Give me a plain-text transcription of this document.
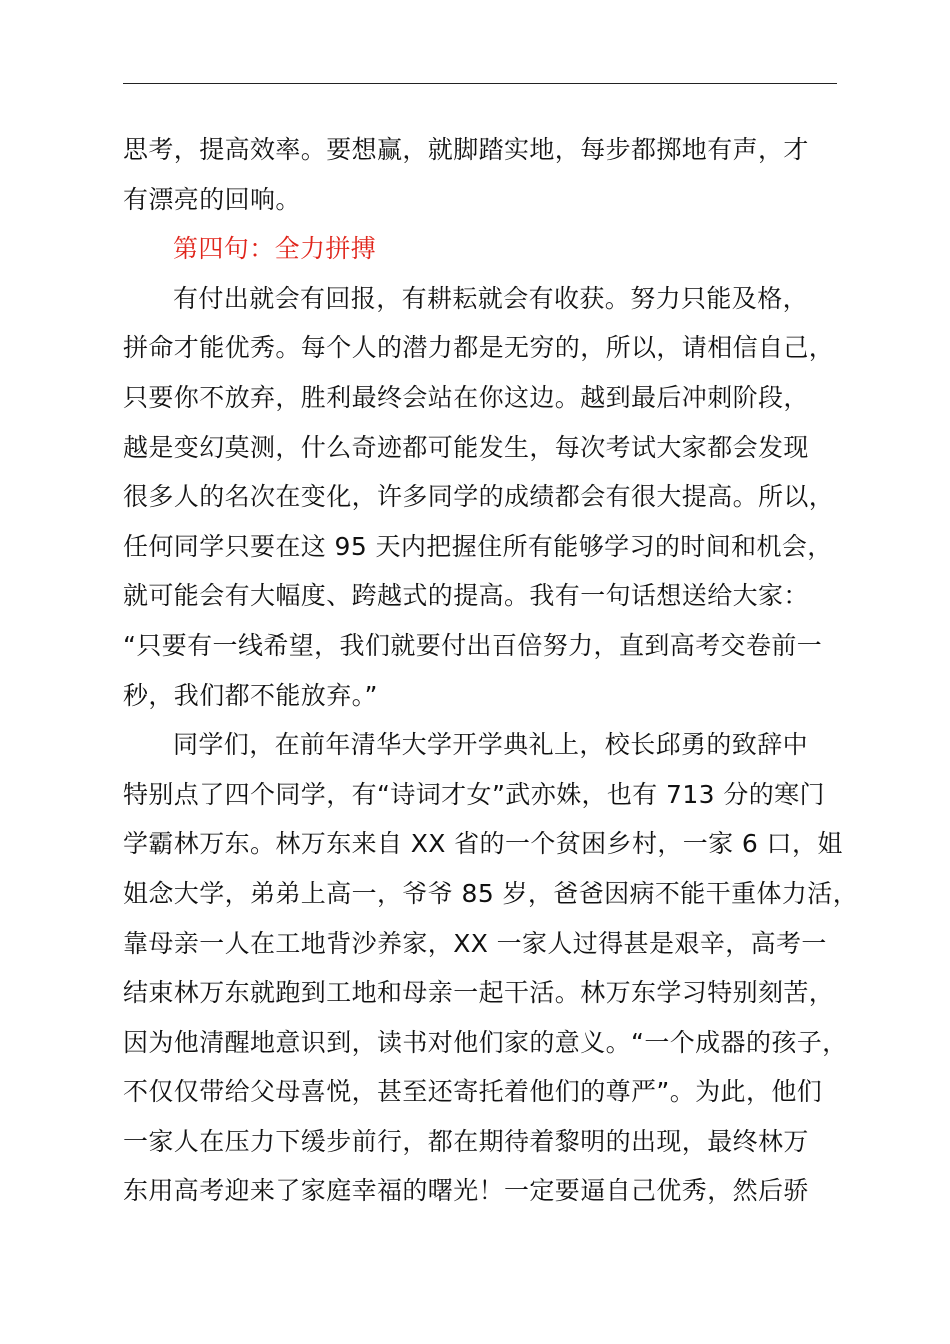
思考，提高效率。要想赢，就脚踏实地，每步都掷地有声，才
有漂亮的回响。
第四句：全力拼搏
有付出就会有回报，有耕耘就会有收获。努力只能及格，
拼命才能优秀。每个人的潜力都是无穷的，所以，请相信自己，
只要你不放弃，胜利最终会站在你这边。越到最后冲刺阶段，
越是变幻莫测，什么奇迹都可能发生，每次考试大家都会发现
很多人的名次在变化，许多同学的成绩都会有很大提高。所以，
任何同学只要在这 95 天内把握住所有能够学习的时间和机会，
就可能会有大幅度、跨越式的提高。我有一句话想送给大家：
“只要有一线希望，我们就要付出百倍努力，直到高考交卷前一
秒，我们都不能放弃。”
同学们，在前年清华大学开学典礼上，校长邱勇的致辞中
特别点了四个同学，有“诗词才女”武亦姝，也有 713 分的寒门
学霸林万东。林万东来自 XX 省的一个贫困乡村，一家 6 口，姐
姐念大学，弟弟上高一，爷爷 85 岁，爸爸因病不能干重体力活，
靠母亲一人在工地背沙养家，XX 一家人过得甚是艰辛，高考一
结束林万东就跑到工地和母亲一起干活。林万东学习特别刻苦，
因为他清醒地意识到，读书对他们家的意义。“一个成器的孩子，
不仅仅带给父母喜悦，甚至还寄托着他们的尊严”。为此，他们
一家人在压力下缓步前行，都在期待着黎明的出现，最终林万
东用高考迎来了家庭幸福的曙光！一定要逼自己优秀，然后骄
